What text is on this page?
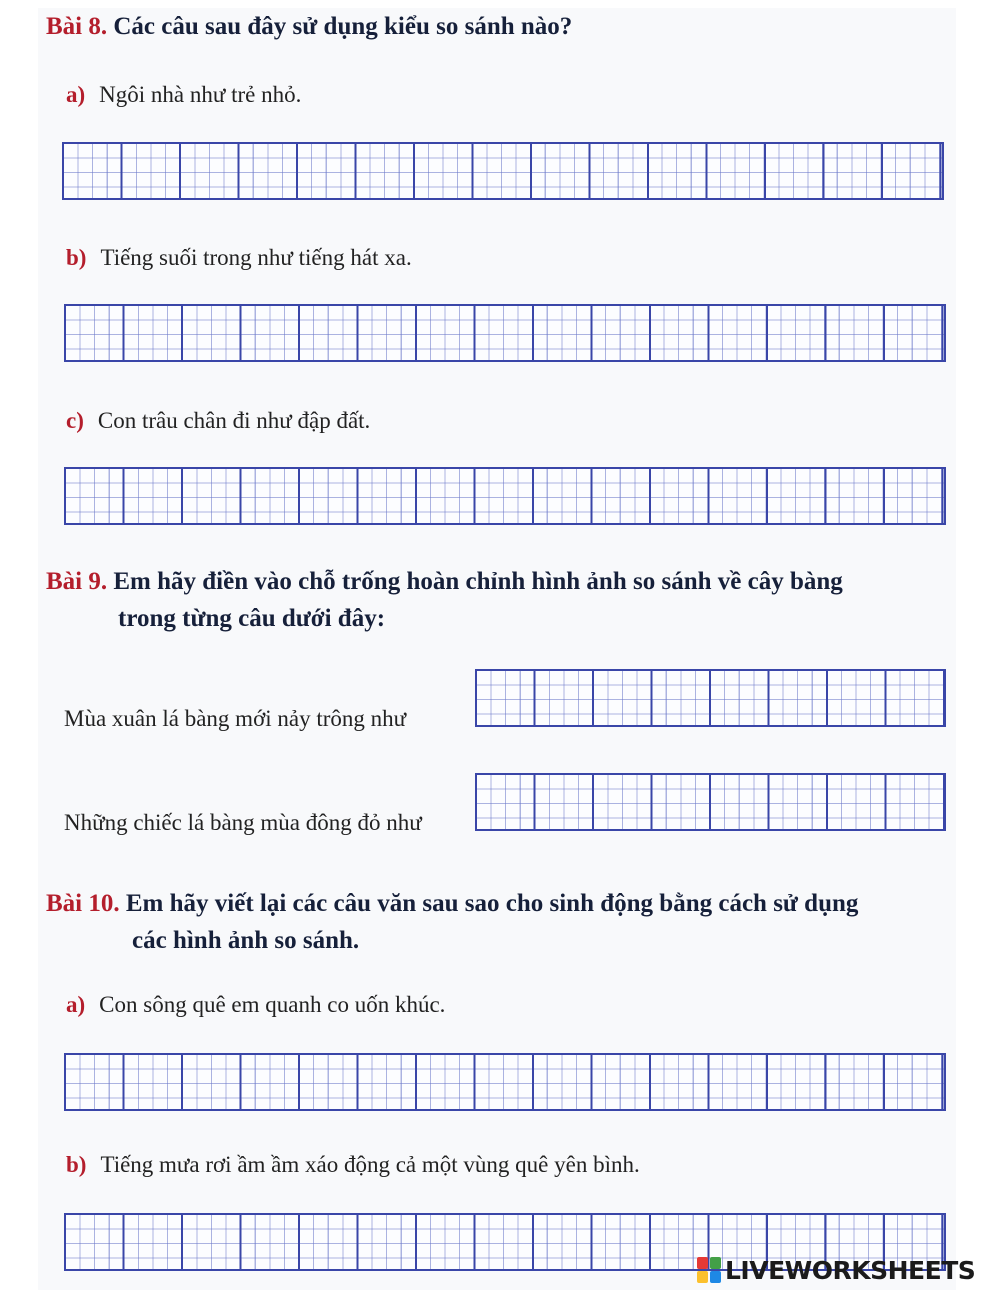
Bài 8. Các câu sau đây sử dụng kiểu so sánh nào?
a) Ngôi nhà như trẻ nhỏ.
b) Tiếng suối trong như tiếng hát xa.
c) Con trâu chân đi như đập đất.
Bài 9. Em hãy điền vào chỗ trống hoàn chỉnh hình ảnh so sánh về cây bàng
trong từng câu dưới đây:
Mùa xuân lá bàng mới nảy trông như
Những chiếc lá bàng mùa đông đỏ như
Bài 10. Em hãy viết lại các câu văn sau sao cho sinh động bằng cách sử dụng
các hình ảnh so sánh.
a) Con sông quê em quanh co uốn khúc.
b) Tiếng mưa rơi ầm ầm xáo động cả một vùng quê yên bình.
LIVEWORKSHEETS
